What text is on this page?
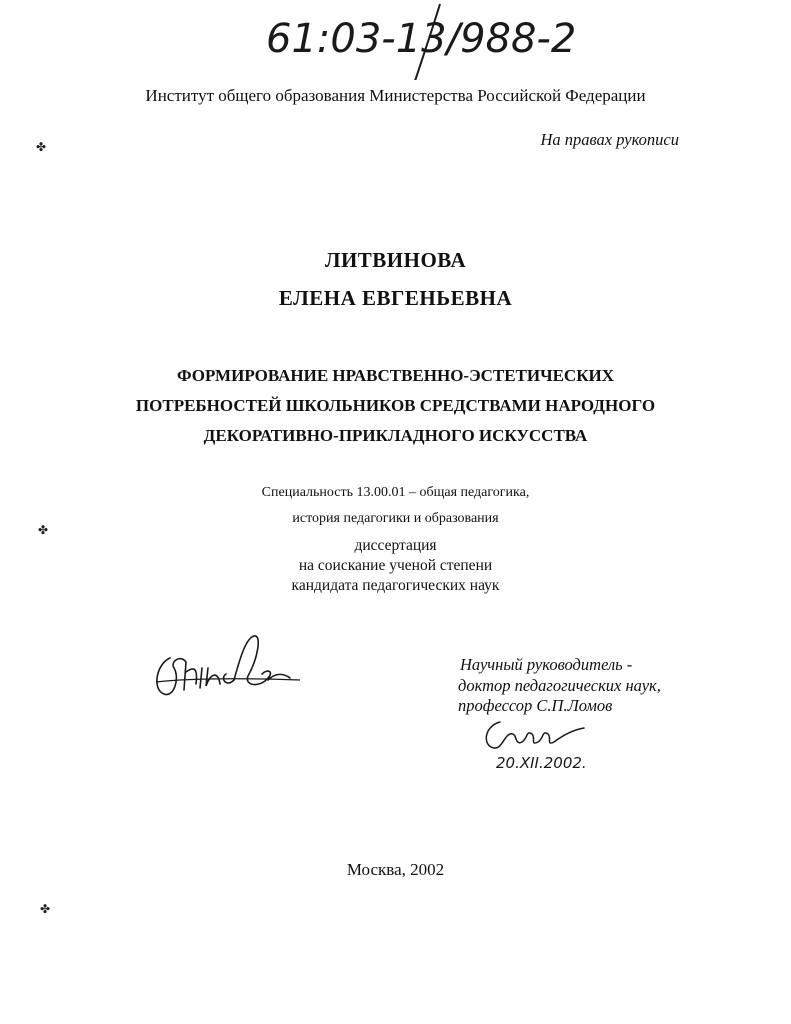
61:03-13/988-2
Институт общего образования Министерства Российской Федерации
На правах рукописи
ЛИТВИНОВА
ЕЛЕНА ЕВГЕНЬЕВНА
ФОРМИРОВАНИЕ НРАВСТВЕННО-ЭСТЕТИЧЕСКИХ
ПОТРЕБНОСТЕЙ ШКОЛЬНИКОВ СРЕДСТВАМИ НАРОДНОГО
ДЕКОРАТИВНО-ПРИКЛАДНОГО ИСКУССТВА
Специальность 13.00.01 – общая педагогика,
история педагогики и образования
диссертация
на соискание ученой степени
кандидата педагогических наук
Научный руководитель -
доктор педагогических наук,
профессор С.П.Ломов
20.XII.2002.
Москва, 2002
✤
✤
✤
